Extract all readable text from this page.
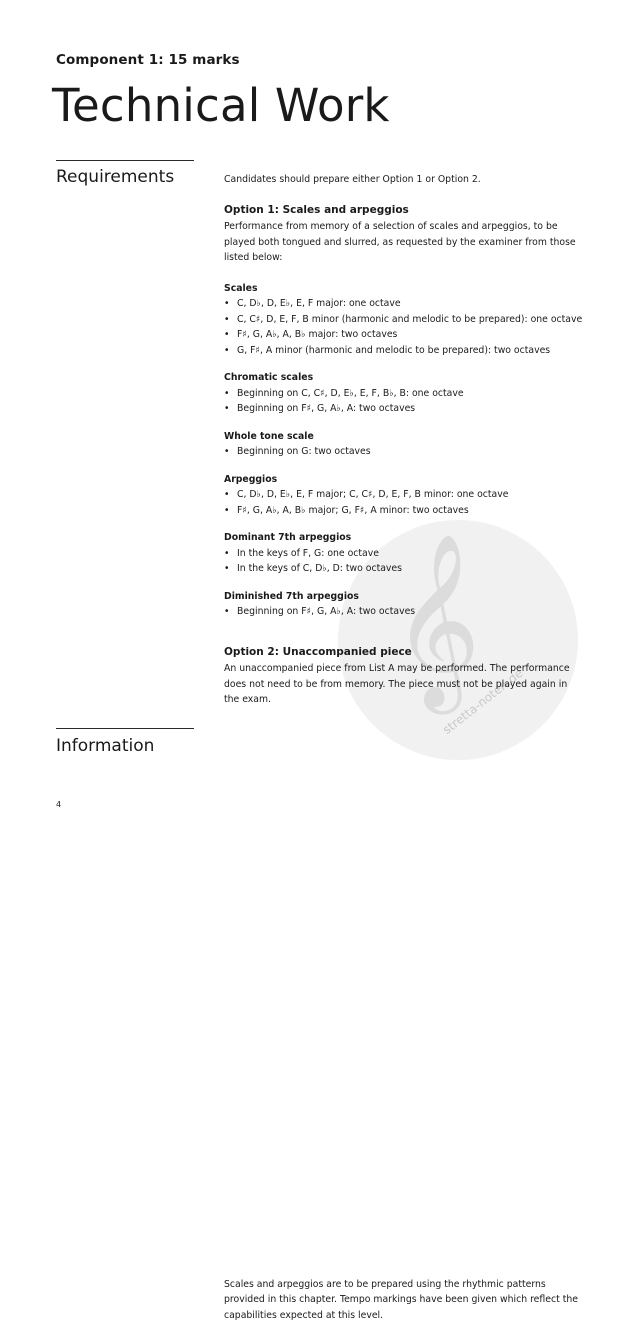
𝄞
stretta-noten.de
Component 1: 15 marks
Technical Work
Requirements	Candidates should prepare either Option 1 or Option 2.

Option 1: Scales and arpeggios

Performance from memory of a selection of scales and arpeggios, to be played both tongued and slurred, as requested by the examiner from those listed below:

Scales
• C, D♭, D, E♭, E, F major: one octave
• C, C♯, D, E, F, B minor (harmonic and melodic to be prepared): one octave
• F♯, G, A♭, A, B♭ major: two octaves
• G, F♯, A minor (harmonic and melodic to be prepared): two octaves
Chromatic scales
• Beginning on C, C♯, D, E♭, E, F, B♭, B: one octave
• Beginning on F♯, G, A♭, A: two octaves
Whole tone scale
• Beginning on G: two octaves
Arpeggios
• C, D♭, D, E♭, E, F major; C, C♯, D, E, F, B minor: one octave
• F♯, G, A♭, A, B♭ major; G, F♯, A minor: two octaves
Dominant 7th arpeggios
• In the keys of F, G: one octave
• In the keys of C, D♭, D: two octaves
Diminished 7th arpeggios
• Beginning on F♯, G, A♭, A: two octaves

Option 2: Unaccompanied piece

An unaccompanied piece from List A may be performed. The performance does not need to be from memory. The piece must not be played again in the exam.

Information

Scales and arpeggios are to be prepared using the rhythmic patterns provided in this chapter. Tempo markings have been given which reflect the capabilities expected at this level.

4
